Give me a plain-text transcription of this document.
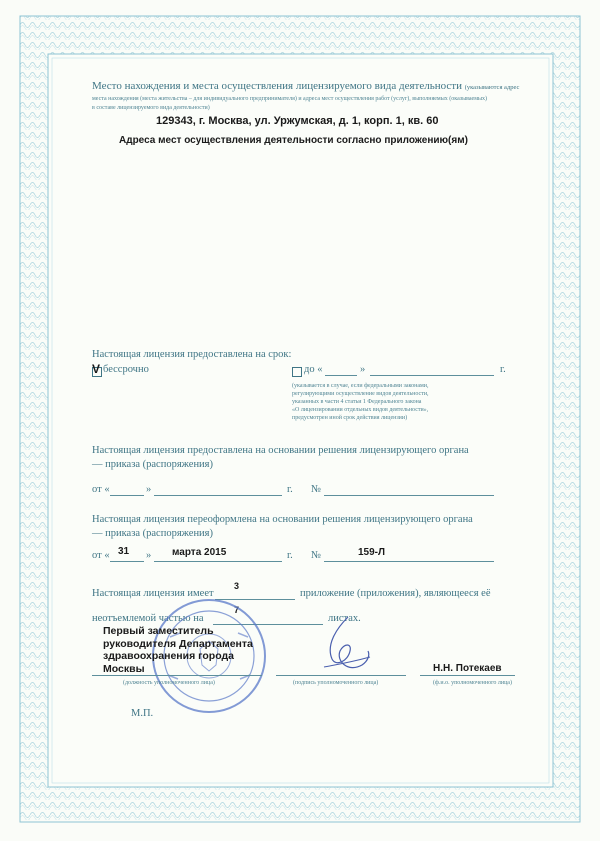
Место нахождения и места осуществления лицензируемого вида деятельности (указываются адрес
места нахождения (места жительства – для индивидуального предпринимателя) и адреса мест осуществления работ (услуг), выполняемых (оказываемых)
в составе лицензируемого вида деятельности)
129343, г. Москва, ул. Уржумская, д. 1, корп. 1, кв. 60
Адреса мест осуществления деятельности согласно приложению(ям)
Настоящая лицензия предоставлена на срок:
V бессрочно	до «	»	г.
(указывается в случае, если федеральными законами,
регулирующими осуществление видов деятельности,
указанных в части 4 статьи 1 Федерального закона
«О лицензировании отдельных видов деятельности»,
предусмотрен иной срок действия лицензии)
Настоящая лицензия предоставлена на основании решения лицензирующего органа
— приказа (распоряжения)
от «	»	г. №
Настоящая лицензия переоформлена на основании решения лицензирующего органа
— приказа (распоряжения)
от « 31 » марта 2015	г. №	159-Л
Настоящая лицензия имеет
3
приложение (приложения), являющееся её
неотъемлемой частью на
7
листах.
Первый заместитель
руководителя Департамента
здравоохранения города
Москвы	Н.Н. Потекаев
(должность уполномоченного лица)	(подпись уполномоченного лица)	(ф.и.о. уполномоченного лица)
М.П.
